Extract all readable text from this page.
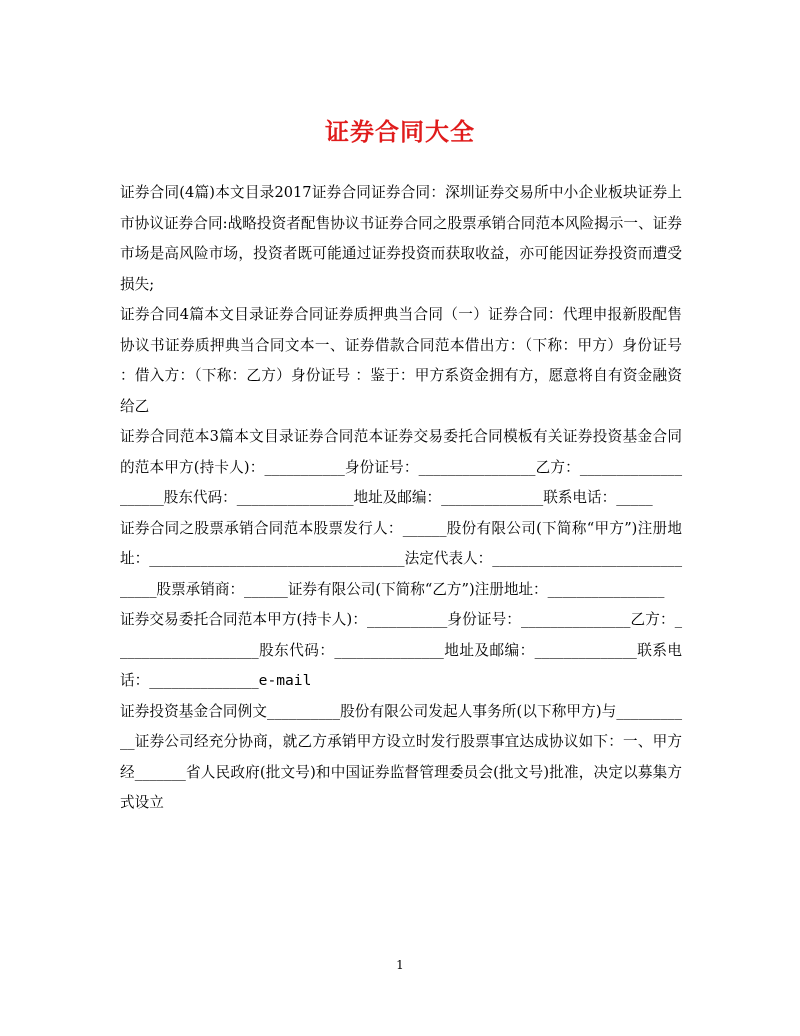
证券合同大全

证券合同(4篇)本文目录2017证券合同证券合同：深圳证券交易所中小企业板块证券上市协议证券合同:战略投资者配售协议书证券合同之股票承销合同范本风险揭示一、证券市场是高风险市场，投资者既可能通过证券投资而获取收益，亦可能因证券投资而遭受损失;

证券合同4篇本文目录证券合同证券质押典当合同（一）证券合同：代理申报新股配售协议书证券质押典当合同文本一、证券借款合同范本借出方：（下称：甲方）身份证号 ：借入方：（下称：乙方）身份证号 ：鉴于：甲方系资金拥有方，愿意将自有资金融资给乙

证券合同范本3篇本文目录证券合同范本证券交易委托合同模板有关证券投资基金合同的范本甲方(持卡人)：___________身份证号：________________乙方：____________________股东代码：________________地址及邮编：______________联系电话：_____

证券合同之股票承销合同范本股票发行人：______股份有限公司(下简称“甲方”)注册地址：___________________________________法定代表人：_______________________________股票承销商：______证券有限公司(下简称“乙方”)注册地址：________________

证券交易委托合同范本甲方(持卡人)：___________身份证号：_______________乙方：____________________股东代码：_______________地址及邮编：______________联系电话：_______________e-mail

证券投资基金合同例文__________股份有限公司发起人事务所(以下称甲方)与___________证券公司经充分协商，就乙方承销甲方设立时发行股票事宜达成协议如下：一、甲方经_______省人民政府(批文号)和中国证券监督管理委员会(批文号)批准，决定以募集方式设立

1
